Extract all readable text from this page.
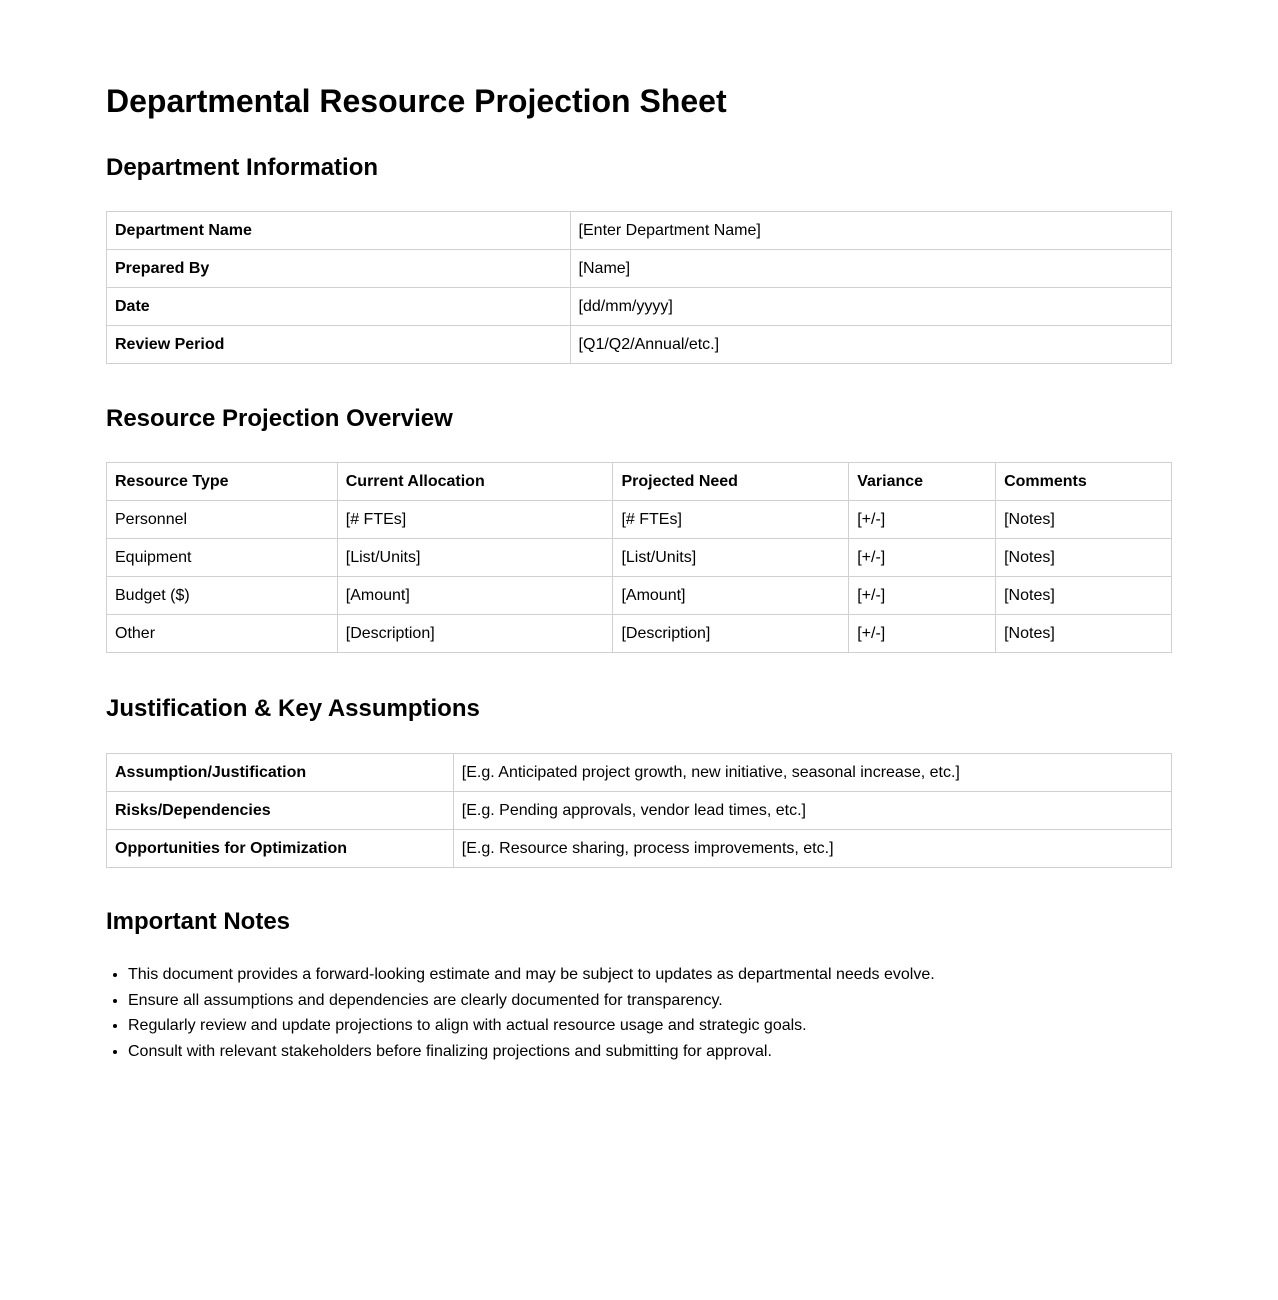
Departmental Resource Projection Sheet
Department Information
Department Name	[Enter Department Name]
Prepared By	[Name]
Date	[dd/mm/yyyy]
Review Period	[Q1/Q2/Annual/etc.]
Resource Projection Overview
Resource Type	Current Allocation	Projected Need	Variance	Comments
Personnel	[# FTEs]	[# FTEs]	[+/-]	[Notes]
Equipment	[List/Units]	[List/Units]	[+/-]	[Notes]
Budget ($)	[Amount]	[Amount]	[+/-]	[Notes]
Other	[Description]	[Description]	[+/-]	[Notes]
Justification & Key Assumptions
Assumption/Justification	[E.g. Anticipated project growth, new initiative, seasonal increase, etc.]
Risks/Dependencies	[E.g. Pending approvals, vendor lead times, etc.]
Opportunities for Optimization	[E.g. Resource sharing, process improvements, etc.]
Important Notes
• This document provides a forward-looking estimate and may be subject to updates as departmental needs evolve.
• Ensure all assumptions and dependencies are clearly documented for transparency.
• Regularly review and update projections to align with actual resource usage and strategic goals.
• Consult with relevant stakeholders before finalizing projections and submitting for approval.
